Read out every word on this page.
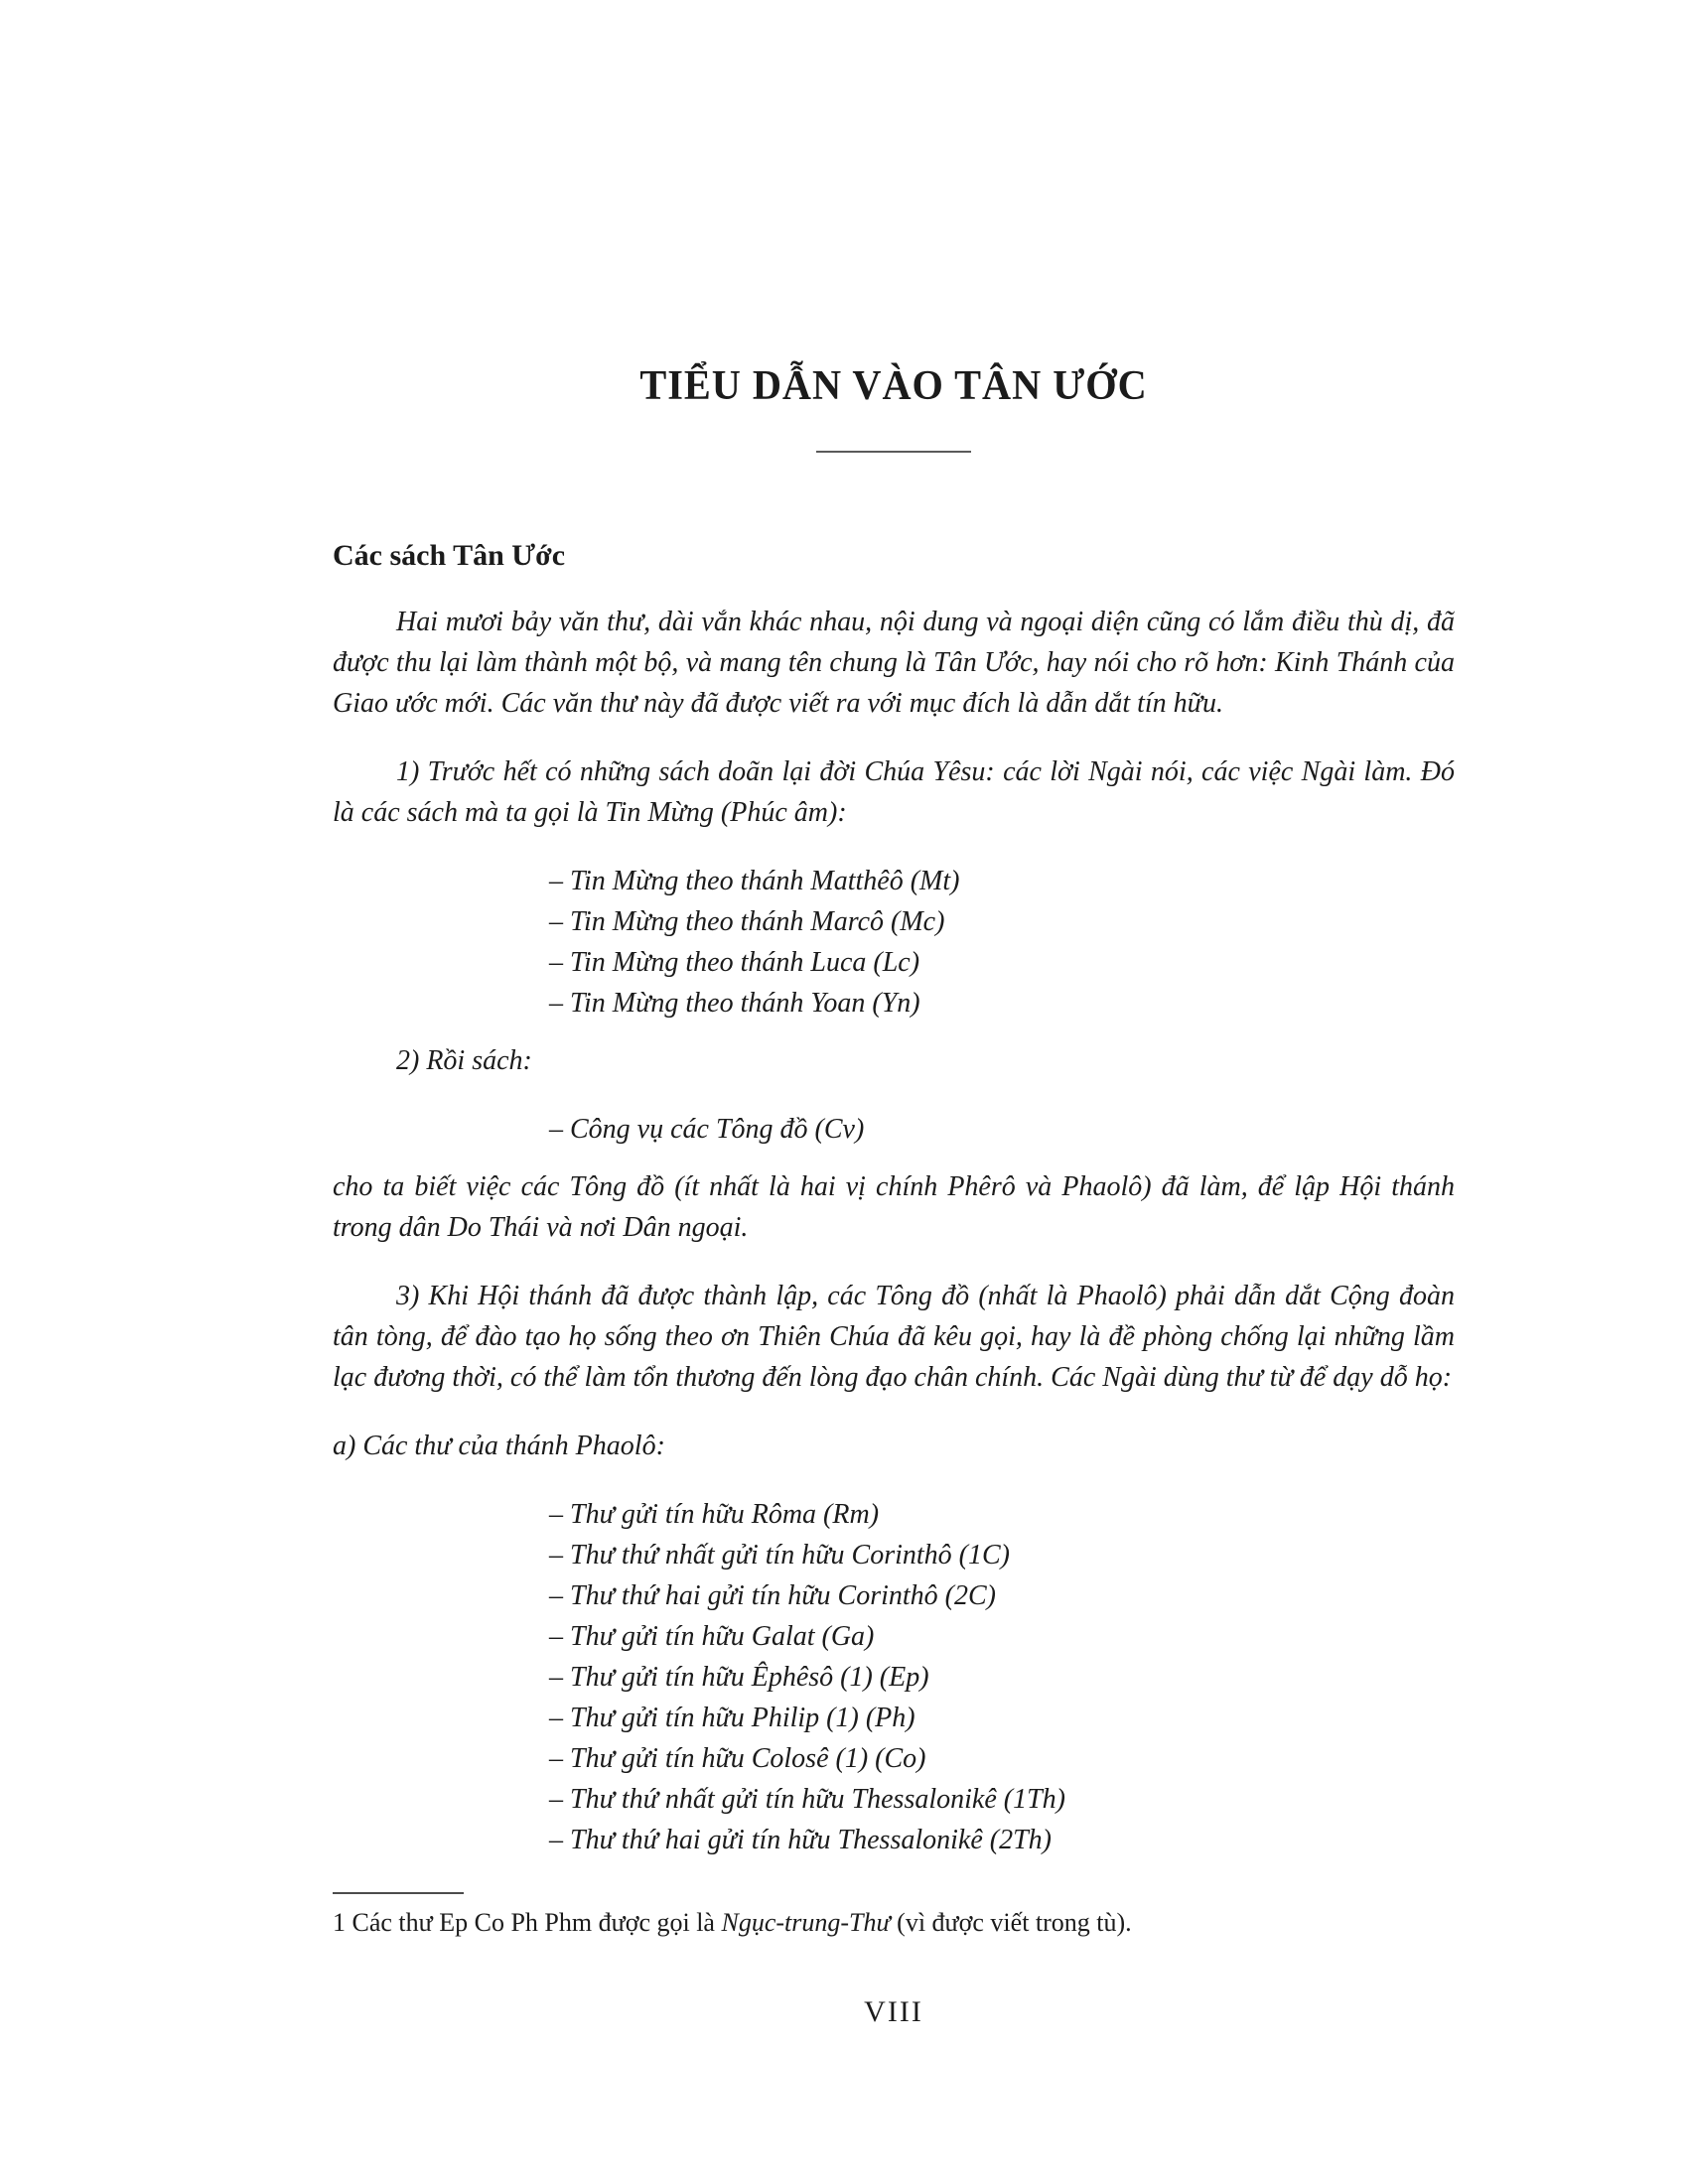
TIỂU DẪN VÀO TÂN ƯỚC
Các sách Tân Ước

Hai mươi bảy văn thư, dài vắn khác nhau, nội dung và ngoại diện cũng có lắm điều thù dị, đã được thu lại làm thành một bộ, và mang tên chung là Tân Ước, hay nói cho rõ hơn: Kinh Thánh của Giao ước mới. Các văn thư này đã được viết ra với mục đích là dẫn dắt tín hữu.

1) Trước hết có những sách doãn lại đời Chúa Yêsu: các lời Ngài nói, các việc Ngài làm. Đó là các sách mà ta gọi là Tin Mừng (Phúc âm):

– Tin Mừng theo thánh Matthêô (Mt)
– Tin Mừng theo thánh Marcô (Mc)
– Tin Mừng theo thánh Luca (Lc)
– Tin Mừng theo thánh Yoan (Yn)

2) Rồi sách:

– Công vụ các Tông đồ (Cv)

cho ta biết việc các Tông đồ (ít nhất là hai vị chính Phêrô và Phaolô) đã làm, để lập Hội thánh trong dân Do Thái và nơi Dân ngoại.

3) Khi Hội thánh đã được thành lập, các Tông đồ (nhất là Phaolô) phải dẫn dắt Cộng đoàn tân tòng, để đào tạo họ sống theo ơn Thiên Chúa đã kêu gọi, hay là đề phòng chống lại những lầm lạc đương thời, có thể làm tổn thương đến lòng đạo chân chính. Các Ngài dùng thư từ để dạy dỗ họ:

a) Các thư của thánh Phaolô:

– Thư gửi tín hữu Rôma (Rm)
– Thư thứ nhất gửi tín hữu Corinthô (1C)
– Thư thứ hai gửi tín hữu Corinthô (2C)
– Thư gửi tín hữu Galat (Ga)
– Thư gửi tín hữu Êphêsô (1) (Ep)
– Thư gửi tín hữu Philip (1) (Ph)
– Thư gửi tín hữu Colosê (1) (Co)
– Thư thứ nhất gửi tín hữu Thessalonikê (1Th)
– Thư thứ hai gửi tín hữu Thessalonikê (2Th)

1 Các thư Ep Co Ph Phm được gọi là Ngục-trung-Thư (vì được viết trong tù).

VIII
